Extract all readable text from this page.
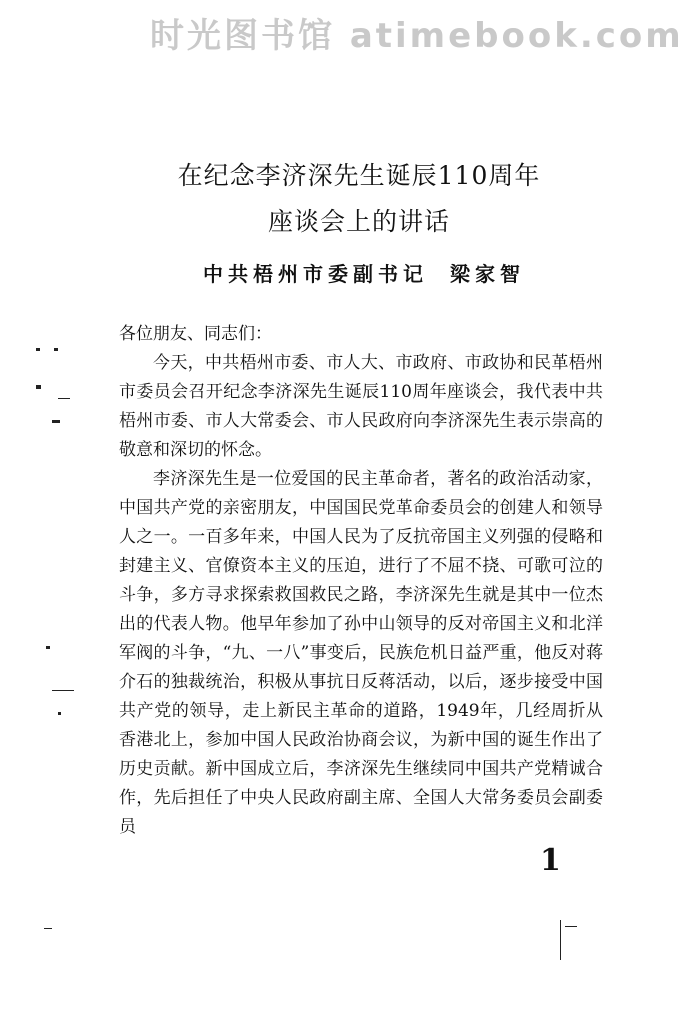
时光图书馆 atimebook.com
在纪念李济深先生诞辰110周年
座谈会上的讲话
中共梧州市委副书记 梁家智

各位朋友、同志们：

今天，中共梧州市委、市人大、市政府、市政协和民革梧州市委员会召开纪念李济深先生诞辰110周年座谈会，我代表中共梧州市委、市人大常委会、市人民政府向李济深先生表示崇高的敬意和深切的怀念。

李济深先生是一位爱国的民主革命者，著名的政治活动家，中国共产党的亲密朋友，中国国民党革命委员会的创建人和领导人之一。一百多年来，中国人民为了反抗帝国主义列强的侵略和封建主义、官僚资本主义的压迫，进行了不屈不挠、可歌可泣的斗争，多方寻求探索救国救民之路，李济深先生就是其中一位杰出的代表人物。他早年参加了孙中山领导的反对帝国主义和北洋军阀的斗争，“九、一八”事变后，民族危机日益严重，他反对蒋介石的独裁统治，积极从事抗日反蒋活动，以后，逐步接受中国共产党的领导，走上新民主革命的道路，1949年，几经周折从香港北上，参加中国人民政治协商会议，为新中国的诞生作出了历史贡献。新中国成立后，李济深先生继续同中国共产党精诚合作，先后担任了中央人民政府副主席、全国人大常务委员会副委员

1
